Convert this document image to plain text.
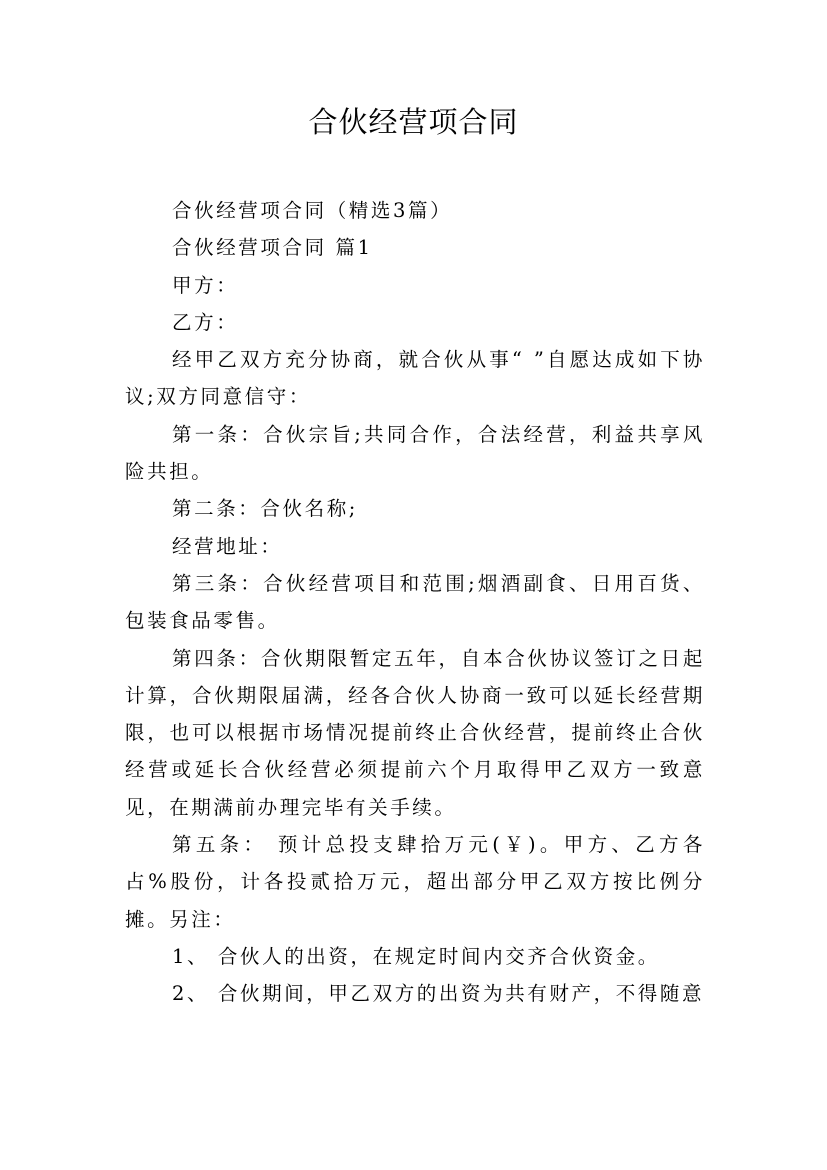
合伙经营项合同

合伙经营项合同（精选3篇）

合伙经营项合同 篇1

甲方：

乙方：

经甲乙双方充分协商，就合伙从事“ ”自愿达成如下协议;双方同意信守：

第一条：合伙宗旨;共同合作，合法经营，利益共享风险共担。

第二条：合伙名称;

经营地址：

第三条：合伙经营项目和范围;烟酒副食、日用百货、包装食品零售。

第四条：合伙期限暂定五年，自本合伙协议签订之日起计算，合伙期限届满，经各合伙人协商一致可以延长经营期限，也可以根据市场情况提前终止合伙经营，提前终止合伙经营或延长合伙经营必须提前六个月取得甲乙双方一致意见，在期满前办理完毕有关手续。

第五条： 预计总投支肆拾万元(￥)。甲方、乙方各占%股份，计各投贰拾万元，超出部分甲乙双方按比例分摊。另注：

1、 合伙人的出资，在规定时间内交齐合伙资金。

2、 合伙期间，甲乙双方的出资为共有财产，不得随意
